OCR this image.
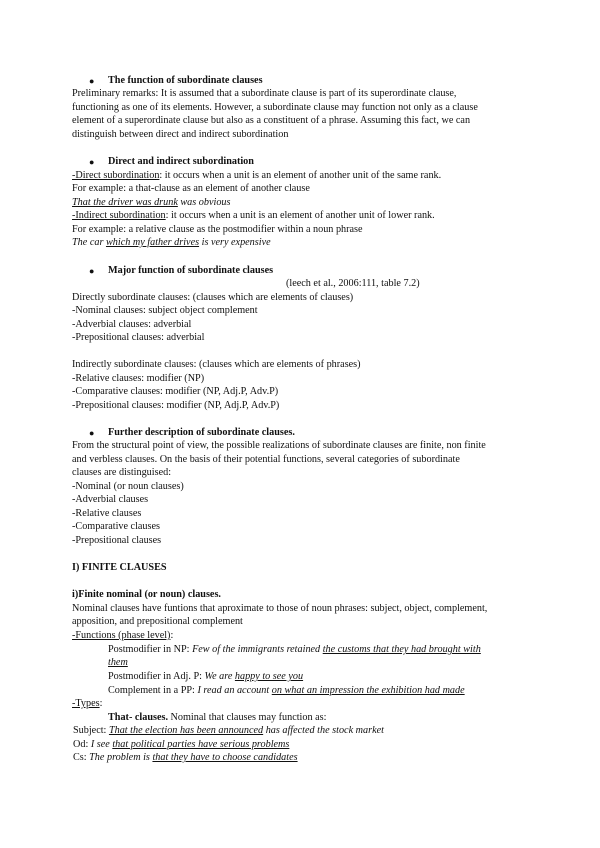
● The function of subordinate clauses
Preliminary remarks: It is assumed that a subordinate clause is part of its superordinate clause,
functioning as one of its elements. However, a subordinate clause may function not only as a clause
element of a superordinate clause but also as a constituent of a phrase. Assuming this fact, we can
distinguish between direct and indirect subordination
● Direct and indirect subordination
-Direct subordination: it occurs when a unit is an element of another unit of the same rank.
For example: a that-clause as an element of another clause
That the driver was drunk was obvious
-Indirect subordination: it occurs when a unit is an element of another unit of lower rank.
For example: a relative clause as the postmodifier within a noun phrase
The car which my father drives is very expensive
● Major function of subordinate clauses
(leech et al., 2006:111, table 7.2)
Directly subordinate clauses: (clauses which are elements of clauses)
-Nominal clauses: subject object complement
-Adverbial clauses: adverbial
-Prepositional clauses: adverbial
Indirectly subordinate clauses: (clauses which are elements of phrases)
-Relative clauses: modifier (NP)
-Comparative clauses: modifier (NP, Adj.P, Adv.P)
-Prepositional clauses: modifier (NP, Adj.P, Adv.P)
● Further description of subordinate clauses.
From the structural point of view, the possible realizations of subordinate clauses are finite, non finite
and verbless clauses. On the basis of their potential functions, several categories of subordinate
clauses are distinguised:
-Nominal (or noun clauses)
-Adverbial clauses
-Relative clauses
-Comparative clauses
-Prepositional clauses
I) FINITE CLAUSES
i)Finite nominal (or noun) clauses.
Nominal clauses have funtions that aproximate to those of noun phrases: subject, object, complement,
apposition, and prepositional complement
-Functions (phase level):
Postmodifier in NP: Few of the immigrants retained the customs that they had brought with
them
Postmodifier in Adj. P: We are happy to see you
Complement in a PP: I read an account on what an impression the exhibition had made
-Types:
That- clauses. Nominal that clauses may function as:
Subject: That the election has been announced has affected the stock market
Od: I see that political parties have serious problems
Cs: The problem is that they have to choose candidates
